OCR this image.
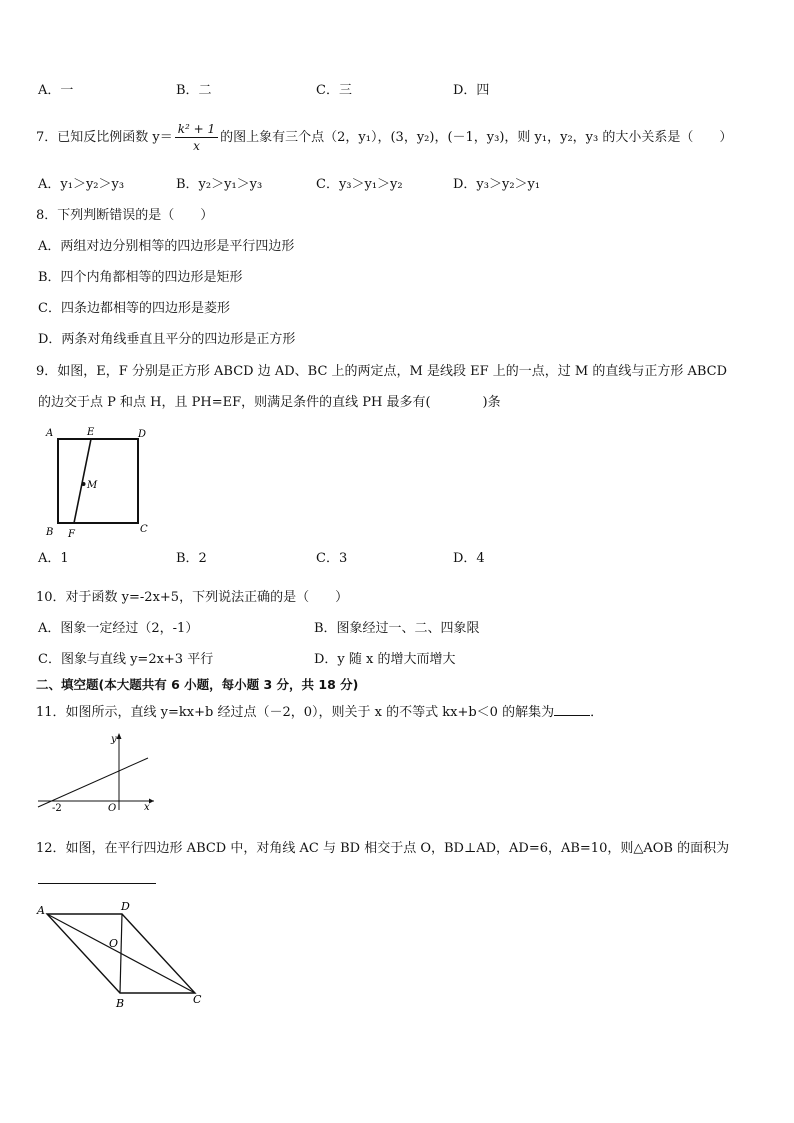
A．一	B．二	C．三	D．四
7．已知反比例函数 $y= \frac{\text{k² + 1}}{x}$ 的图上象有三个点（2，y₁），(3，y₂)，(－1，y₃)，则 y₁，y₂，y₃ 的大小关系是（　　）
A．y₁＞y₂＞y₃	B．y₂＞y₁＞y₃	C．y₃＞y₁＞y₂	D．y₃＞y₂＞y₁
8．下列判断错误的是（　　）
A．两组对边分别相等的四边形是平行四边形
B．四个内角都相等的四边形是矩形
C．四条边都相等的四边形是菱形
D．两条对角线垂直且平分的四边形是正方形
9．如图，E，F 分别是正方形 ABCD 边 AD、BC 上的两定点，M 是线段 EF 上的一点，过 M 的直线与正方形 ABCD
的边交于点 P 和点 H，且 PH=EF，则满足条件的直线 PH 最多有(　　　　)条
A	E	D
M
B F	C
A．1	B．2	C．3	D．4
10．对于函数 y=-2x+5，下列说法正确的是（　　）
A．图象一定经过（2，-1）	B．图象经过一、二、四象限
C．图象与直线 y=2x+3 平行	D．y 随 x 的增大而增大
二、填空题(本大题共有 6 小题，每小题 3 分，共 18 分)
11．如图所示，直线 y=kx+b 经过点（－2，0），则关于 x 的不等式 kx+b＜0 的解集为	．
y
x
O
-2
12．如图，在平行四边形 ABCD 中，对角线 AC 与 BD 相交于点 O，BD⊥AD，AD=6，AB=10，则△AOB 的面积为
A	D
O
B	C
